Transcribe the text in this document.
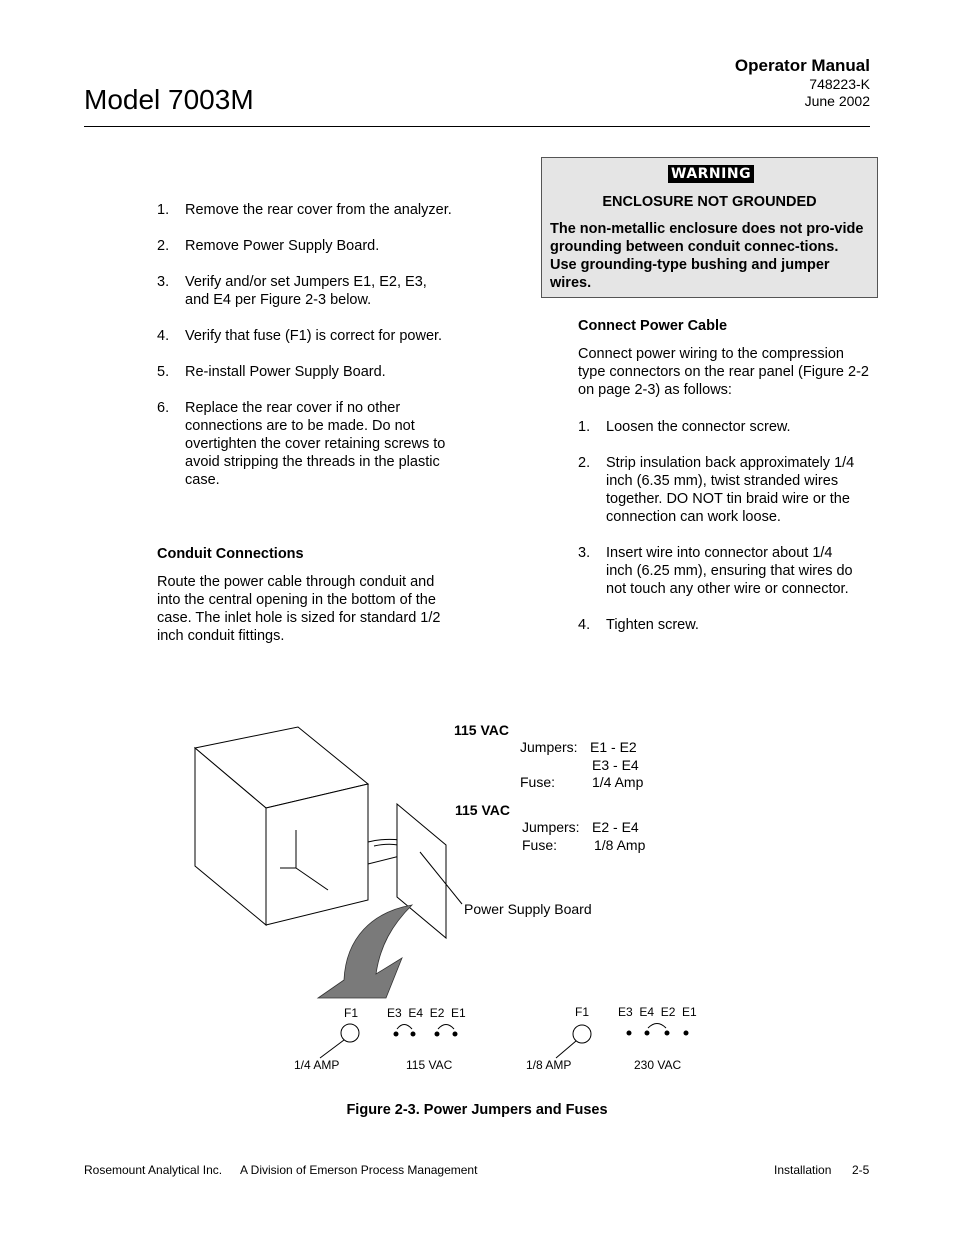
Model 7003M
Operator Manual
748223-K
June 2002
1. Remove the rear cover from the analyzer.
2. Remove Power Supply Board.
3. Verify and/or set Jumpers E1, E2, E3, and E4 per Figure 2-3 below.
4. Verify that fuse (F1) is correct for power.
5. Re-install Power Supply Board.
6. Replace the rear cover if no other connections are to be made. Do not overtighten the cover retaining screws to avoid stripping the threads in the plastic case.
Conduit Connections
Route the power cable through conduit and into the central opening in the bottom of the case. The inlet hole is sized for standard 1/2 inch conduit fittings.
WARNING
ENCLOSURE NOT GROUNDED
The non-metallic enclosure does not pro-vide grounding between conduit connec-tions. Use grounding-type bushing and jumper wires.
Connect Power Cable
Connect power wiring to the compression type connectors on the rear panel (Figure 2-2 on page 2-3) as follows:
1. Loosen the connector screw.
2. Strip insulation back approximately 1/4 inch (6.35 mm), twist stranded wires together. DO NOT tin braid wire or the connection can work loose.
3. Insert wire into connector about 1/4 inch (6.25 mm), ensuring that wires do not touch any other wire or connector.
4. Tighten screw.
115 VAC
Jumpers: E1 - E2
E3 - E4
Fuse:	1/4 Amp
115 VAC
Jumpers: E2 - E4
Fuse:	1/8 Amp
Power Supply Board
F1 E3  E4  E2  E1
1/4 AMP	115 VAC
F1 E3  E4  E2  E1
1/8 AMP	230 VAC
Figure 2-3. Power Jumpers and Fuses
Rosemount Analytical Inc. A Division of Emerson Process Management	Installation 2-5
